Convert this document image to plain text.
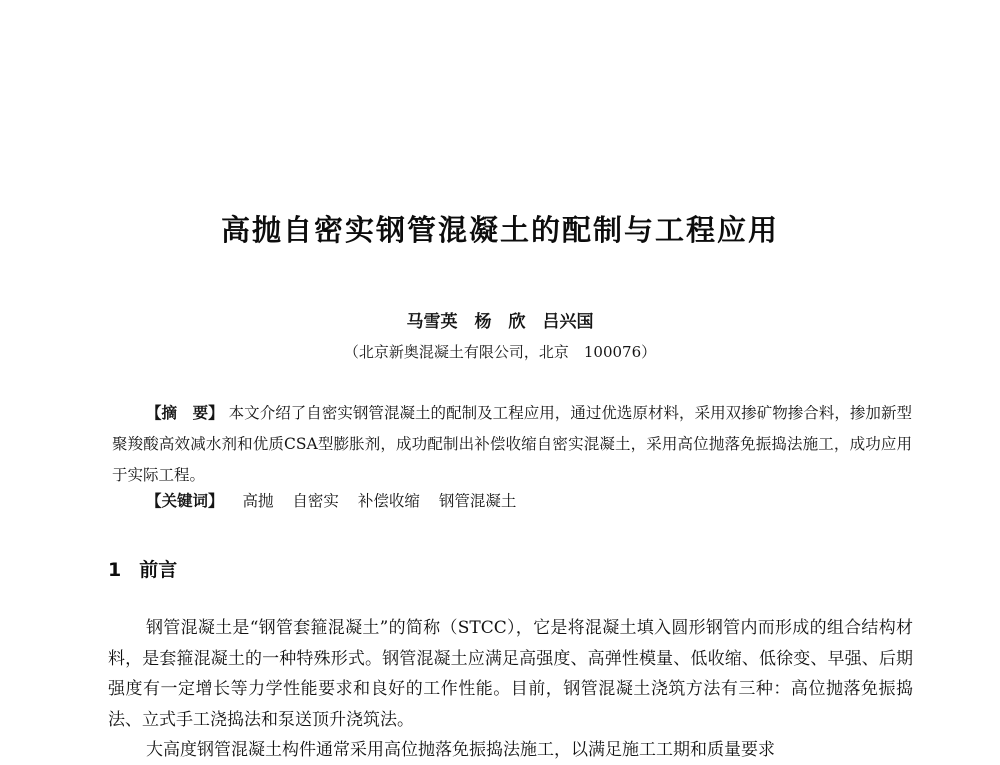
高抛自密实钢管混凝土的配制与工程应用
马雪英　杨　欣　吕兴国
（北京新奥混凝土有限公司，北京　100076）
【摘　要】 本文介绍了自密实钢管混凝土的配制及工程应用，通过优选原材料，采用双掺矿物掺合料，掺加新型聚羧酸高效减水剂和优质CSA型膨胀剂，成功配制出补偿收缩自密实混凝土，采用高位抛落免振捣法施工，成功应用于实际工程。
【关键词】 高抛 自密实 补偿收缩 钢管混凝土
1 前言
钢管混凝土是“钢管套箍混凝土”的简称（STCC），它是将混凝土填入圆形钢管内而形成的组合结构材料，是套箍混凝土的一种特殊形式。钢管混凝土应满足高强度、高弹性模量、低收缩、低徐变、早强、后期强度有一定增长等力学性能要求和良好的工作性能。目前，钢管混凝土浇筑方法有三种：高位抛落免振捣法、立式手工浇捣法和泵送顶升浇筑法。
大高度钢管混凝土构件通常采用高位抛落免振捣法施工，以满足施工工期和质量要求
